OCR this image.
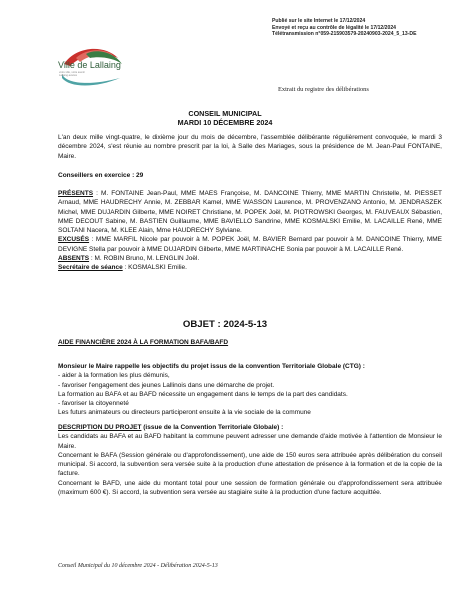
Publié sur le site Internet le 17/12/2024
Envoyé et reçu au contrôle de légalité le 17/12/2024
Télétransmission n°059-215903579-20240903-2024_5_13-DE
Ville de Lallaing
votre ville, votre avenir
Lallaing avance
Extrait du registre des délibérations
CONSEIL MUNICIPAL
MARDI 10 DÉCEMBRE 2024
L'an deux mille vingt-quatre, le dixième jour du mois de décembre, l'assemblée délibérante régulièrement convoquée, le mardi 3 décembre 2024, s'est réunie au nombre prescrit par la loi, à Salle des Mariages, sous la présidence de M. Jean-Paul FONTAINE, Maire.
Conseillers en exercice : 29

PRÉSENTS : M. FONTAINE Jean-Paul, MME MAES Françoise, M. DANCOINE Thierry, MME MARTIN Christelle, M. PIESSET Arnaud, MME HAUDRECHY Annie, M. ZEBBAR Kamel, MME WASSON Laurence, M. PROVENZANO Antonio, M. JENDRASZEK Michel, MME DUJARDIN Gilberte, MME NOIRET Christiane, M. POPEK Joël, M. PIOTROWSKI Georges, M. FAUVEAUX Sébastien, MME DECOUT Sabine, M. BASTIEN Guillaume, MME BAVIELLO Sandrine, MME KOSMALSKI Emilie, M. LACAILLE René, MME SOLTANI Nacera, M. KLEE Alain, Mme HAUDRECHY Sylviane.

EXCUSÉS : MME MARFIL Nicole par pouvoir à M. POPEK Joël, M. BAVIER Bernard par pouvoir à M. DANCOINE Thierry, MME DEVIGNE Stella par pouvoir à MME DUJARDIN Gilberte, MME MARTINACHE Sonia par pouvoir à M. LACAILLE René.

ABSENTS : M. ROBIN Bruno, M. LENGLIN Joël.

Secrétaire de séance : KOSMALSKI Emilie.

OBJET : 2024-5-13
AIDE FINANCIÈRE 2024 À LA FORMATION BAFA/BAFD

Monsieur le Maire rappelle les objectifs du projet issus de la convention Territoriale Globale (CTG) :

- aider à la formation les plus démunis,

- favoriser l'engagement des jeunes Lallinois dans une démarche de projet.

La formation au BAFA et au BAFD nécessite un engagement dans le temps de la part des candidats.

- favoriser la citoyenneté

Les futurs animateurs ou directeurs participeront ensuite à la vie sociale de la commune

DESCRIPTION DU PROJET (issue de la Convention Territoriale Globale) :

Les candidats au BAFA et au BAFD habitant la commune peuvent adresser une demande d'aide motivée à l'attention de Monsieur le Maire.

Concernant le BAFA (Session générale ou d'approfondissement), une aide de 150 euros sera attribuée après délibération du conseil municipal. Si accord, la subvention sera versée suite à la production d'une attestation de présence à la formation et de la copie de la facture.

Concernant le BAFD, une aide du montant total pour une session de formation générale ou d'approfondissement sera attribuée (maximum 600 €). Si accord, la subvention sera versée au stagiaire suite à la production d'une facture acquittée.

Conseil Municipal du 10 décembre 2024 - Délibération 2024-5-13
